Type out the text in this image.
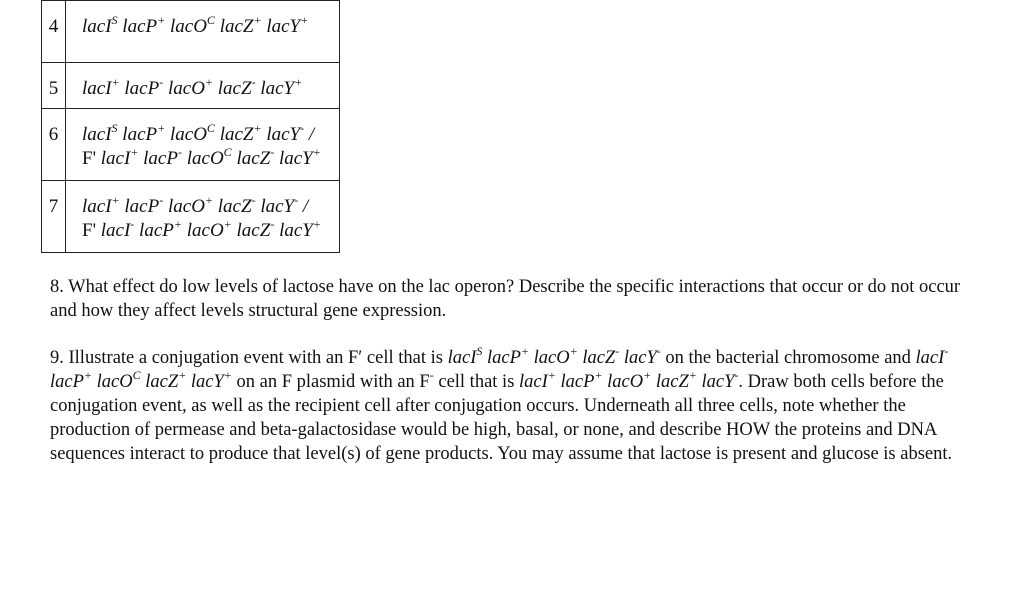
4	lacI$^S$ lacP+ lacO$^C$ lacZ+ lacY+

5	lacI+ lacP- lacO+ lacZ- lacY+

6	lacI$^S$ lacP+ lacO$^C$ lacZ+ lacY- /
F' lacI+ lacP- lacO$^C$ lacZ- lacY+

7	lacI+ lacP- lacO+ lacZ- lacY- /
F' lacI- lacP+ lacO+ lacZ- lacY+

8. What effect do low levels of lactose have on the lac operon? Describe the specific interactions that occur or do not occur and how they affect levels structural gene expression.

9. Illustrate a conjugation event with an F′ cell that is lacI$^S$ lacP+ lacO+ lacZ- lacY- on the bacterial chromosome and lacI- lacP+ lacO$^C$ lacZ+ lacY+ on an F plasmid with an F- cell that is lacI+ lacP+ lacO+ lacZ+ lacY-. Draw both cells before the conjugation event, as well as the recipient cell after conjugation occurs. Underneath all three cells, note whether the production of permease and beta-galactosidase would be high, basal, or none, and describe HOW the proteins and DNA sequences interact to produce that level(s) of gene products. You may assume that lactose is present and glucose is absent.
